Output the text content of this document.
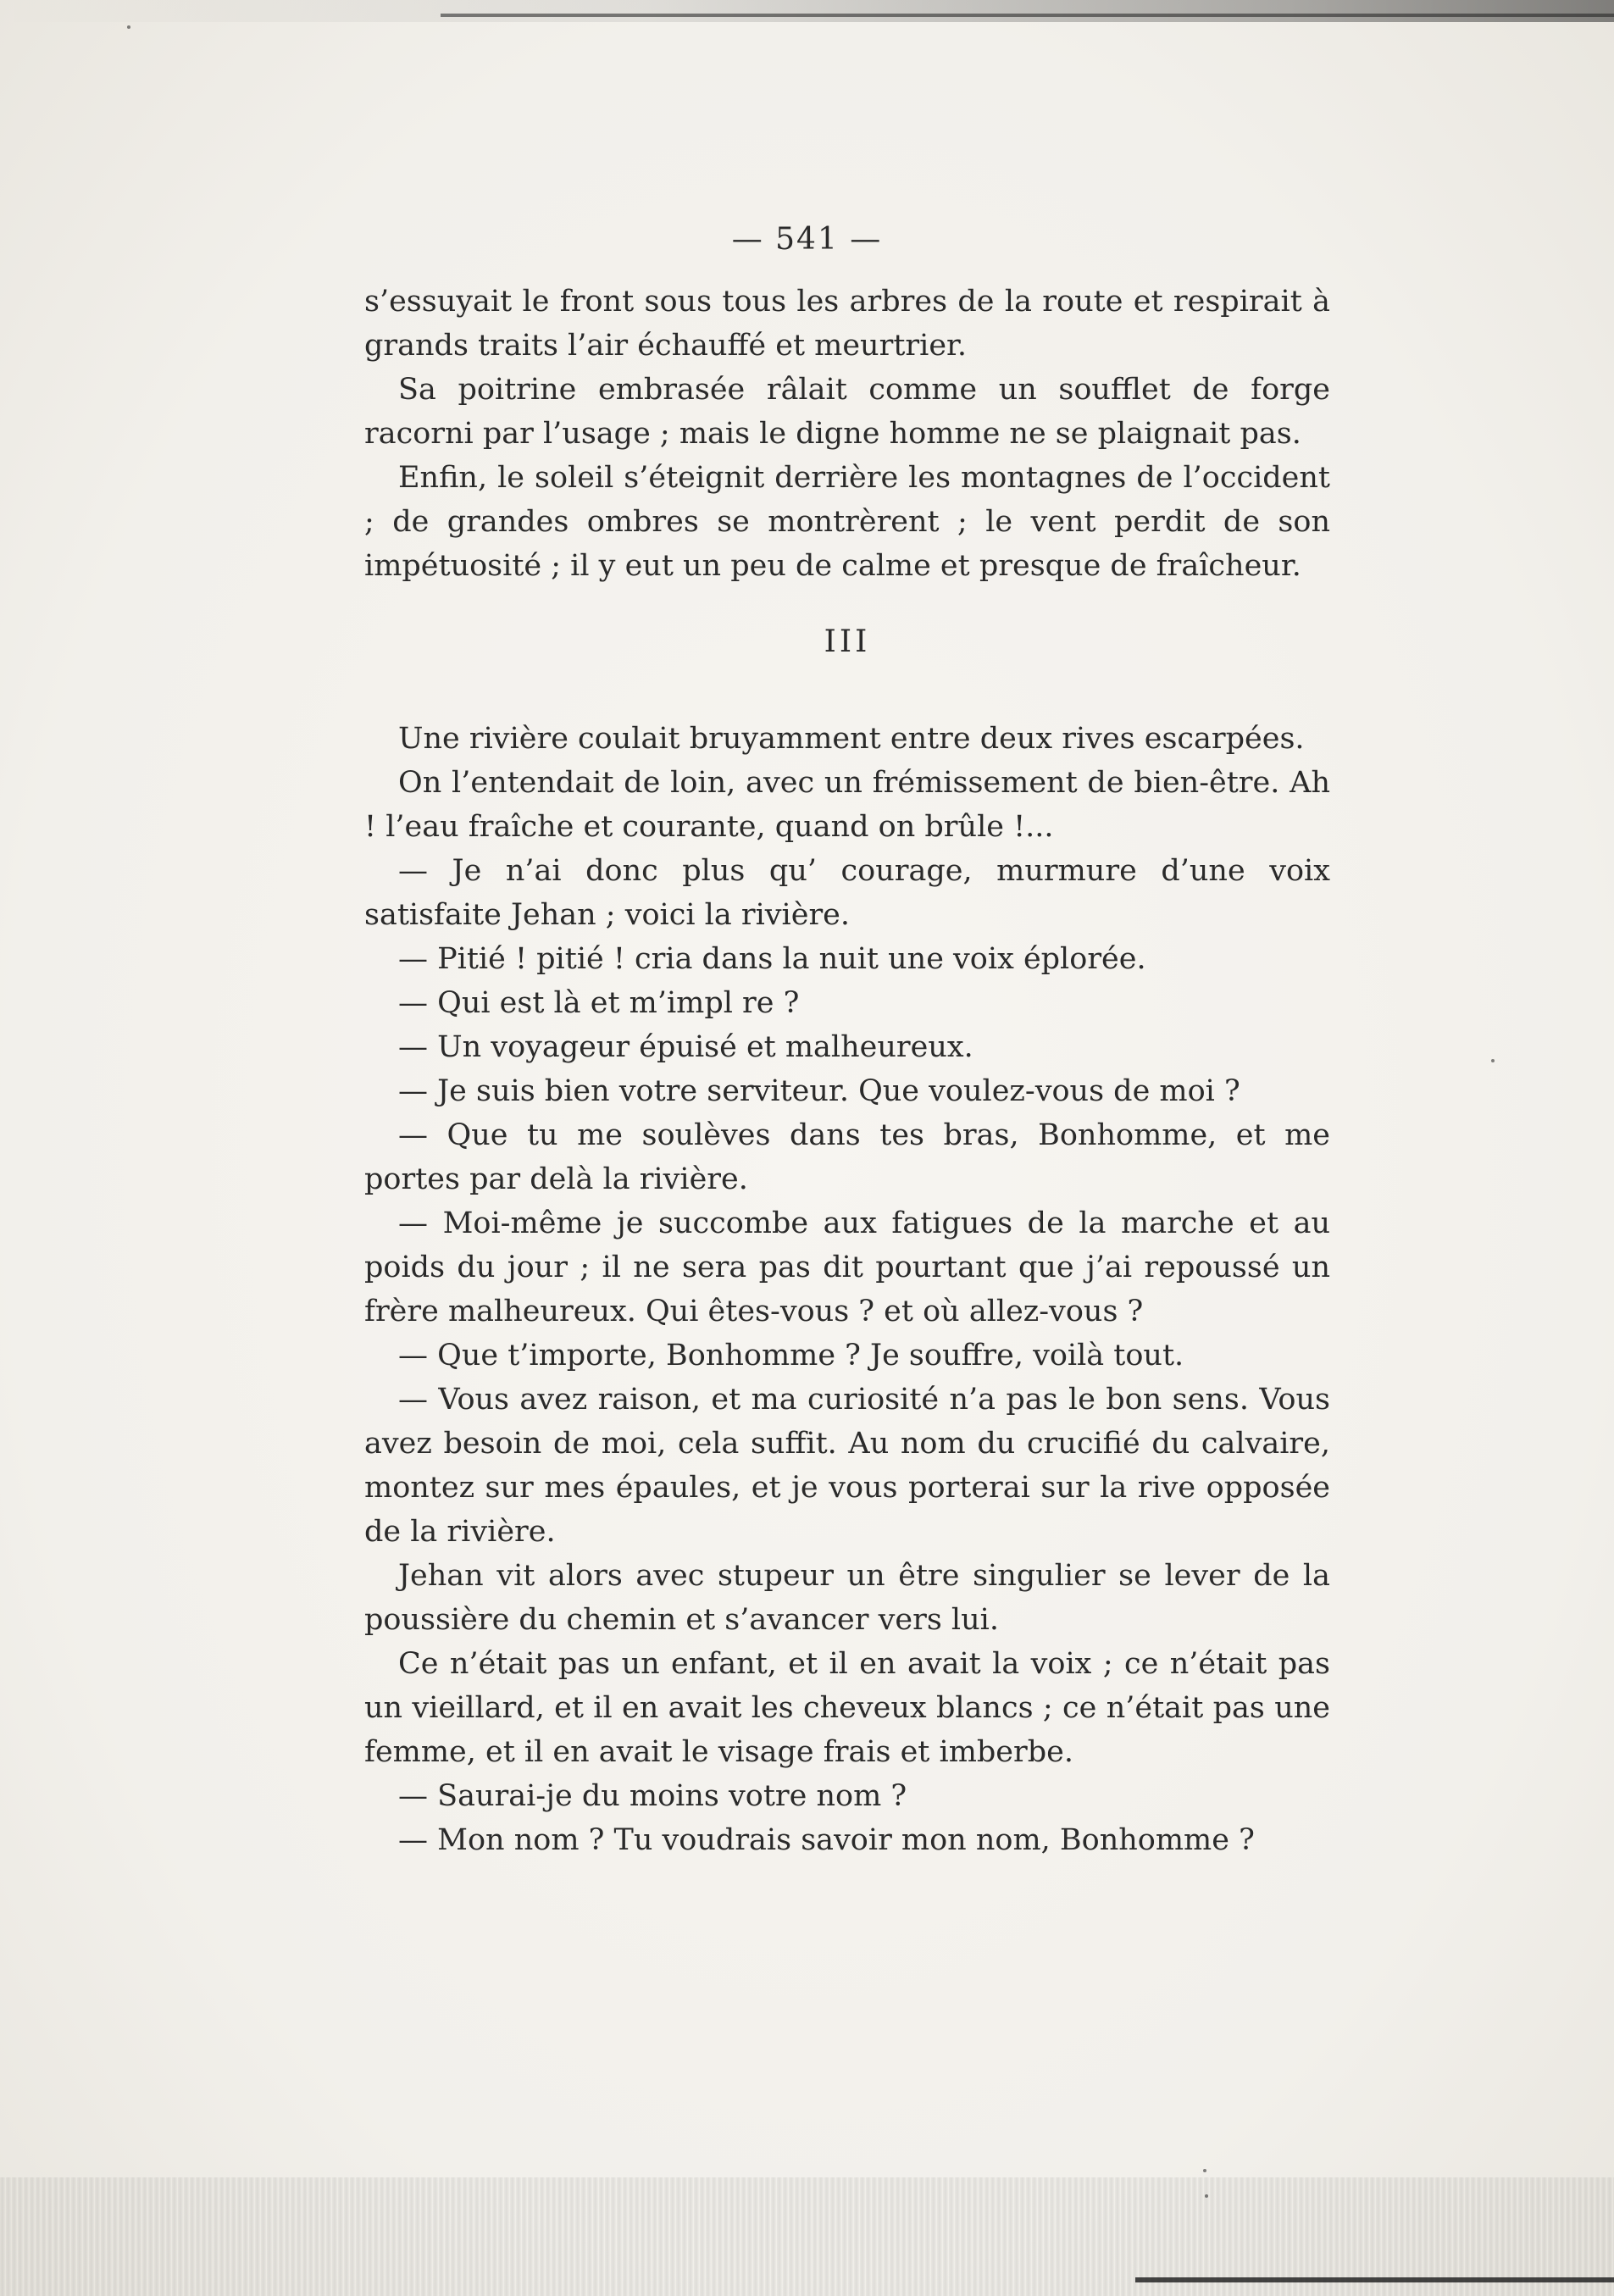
— 541 —

s’essuyait le front sous tous les arbres de la route et respirait à grands traits l’air échauffé et meurtrier.

Sa poitrine embrasée râlait comme un soufflet de forge racorni par l’usage ; mais le digne homme ne se plaignait pas.

Enfin, le soleil s’éteignit derrière les montagnes de l’occident ; de grandes ombres se montrèrent ; le vent perdit de son impétuosité ; il y eut un peu de calme et presque de fraîcheur.

III

Une rivière coulait bruyamment entre deux rives escarpées.

On l’entendait de loin, avec un frémissement de bien-être. Ah ! l’eau fraîche et courante, quand on brûle !...

— Je n’ai donc plus qu’ courage, murmure d’une voix satisfaite Jehan ; voici la rivière.

— Pitié ! pitié ! cria dans la nuit une voix éplorée.

— Qui est là et m’impl re ?

— Un voyageur épuisé et malheureux.

— Je suis bien votre serviteur. Que voulez-vous de moi ?

— Que tu me soulèves dans tes bras, Bonhomme, et me portes par delà la rivière.

— Moi-même je succombe aux fatigues de la marche et au poids du jour ; il ne sera pas dit pourtant que j’ai repoussé un frère malheureux. Qui êtes-vous ? et où allez-vous ?

— Que t’importe, Bonhomme ? Je souffre, voilà tout.

— Vous avez raison, et ma curiosité n’a pas le bon sens. Vous avez besoin de moi, cela suffit. Au nom du crucifié du calvaire, montez sur mes épaules, et je vous porterai sur la rive opposée de la rivière.

Jehan vit alors avec stupeur un être singulier se lever de la poussière du chemin et s’avancer vers lui.

Ce n’était pas un enfant, et il en avait la voix ; ce n’était pas un vieillard, et il en avait les cheveux blancs ; ce n’était pas une femme, et il en avait le visage frais et imberbe.

— Saurai-je du moins votre nom ?

— Mon nom ? Tu voudrais savoir mon nom, Bonhomme ?
